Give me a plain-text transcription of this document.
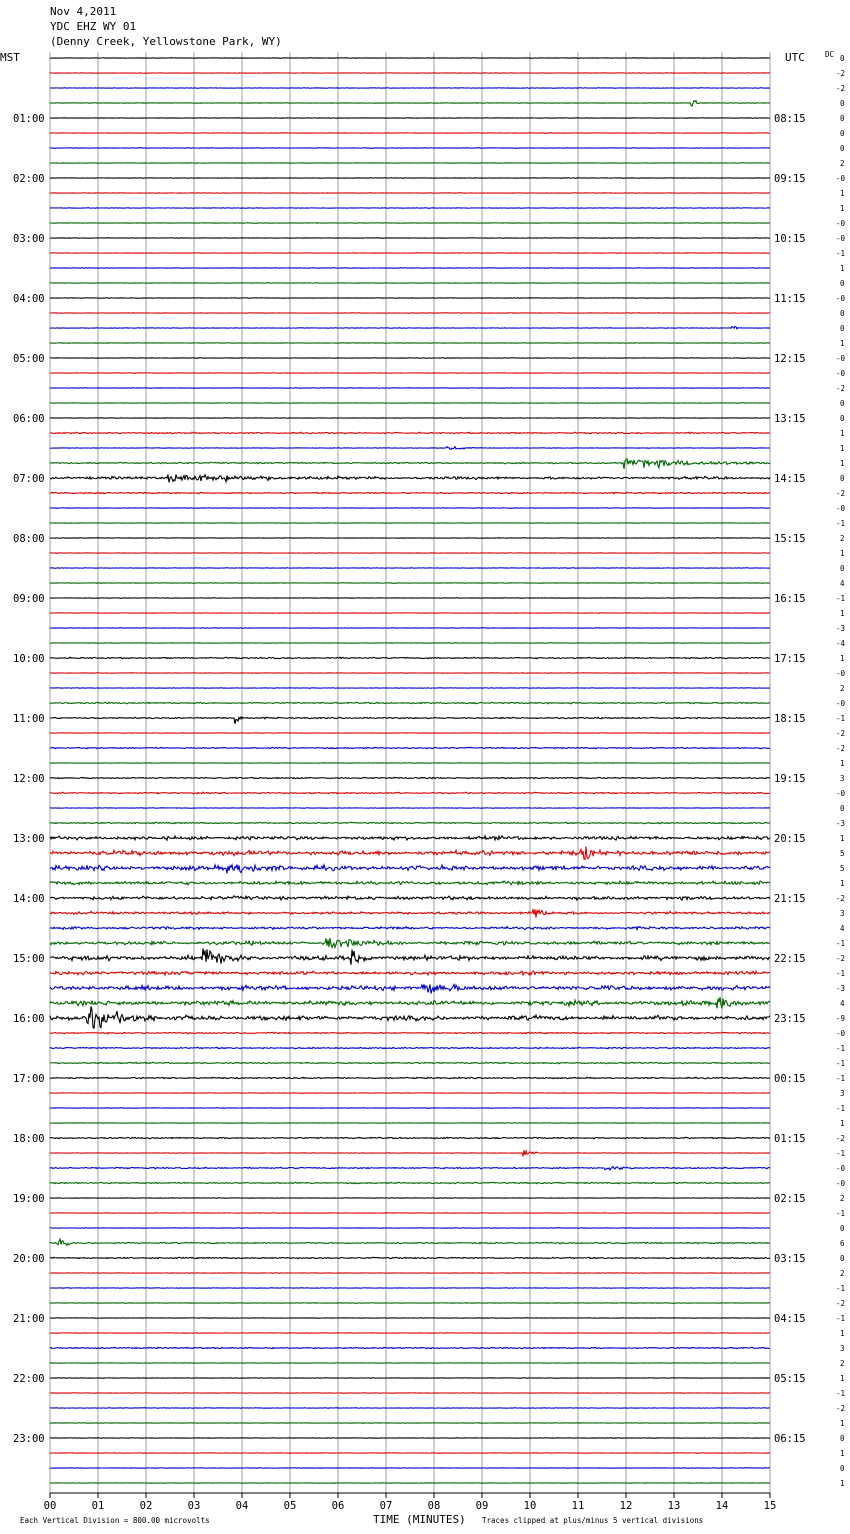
Nov 4,2011
YDC EHZ WY 01
(Denny Creek, Yellowstone Park, WY)
MST	UTC	DC
01:00
02:00
03:00
04:00
05:00
06:00
07:00
08:00
09:00
10:00
11:00
12:00
13:00
14:00
15:00
16:00
17:00
18:00
19:00
20:00
21:00
22:00
23:00
08:15
09:15
10:15
11:15
12:15
13:15
14:15
15:15
16:15
17:15
18:15
19:15
20:15
21:15
22:15
23:15
00:15
01:15
02:15
03:15
04:15
05:15
06:15
0
-2
-2
0
0
0
0
2
-0
1
1
-0
-0
-1
1
0
-0
0
0
1
-0
-0
-2
0
0
1
1
1
0
-2
-0
-1
2
1
0
4
-1
1
-3
-4
1
-0
2
-0
-1
-2
-2
1
3
-0
0
-3
1
5
5
1
-2
3
4
-1
-2
-1
-3
4
-9
-0
-1
-1
-1
3
-1
1
-2
-1
-0
-0
2
-1
0
6
0
2
-1
-2
-1
1
3
2
1
-1
-2
1
0
1
0
1
00	01	02	03	04	05	06	07	08	09	10	11	12	13	14	15
TIME (MINUTES)
Each Vertical Division = 800.00 microvolts	Traces clipped at plus/minus 5 vertical divisions
